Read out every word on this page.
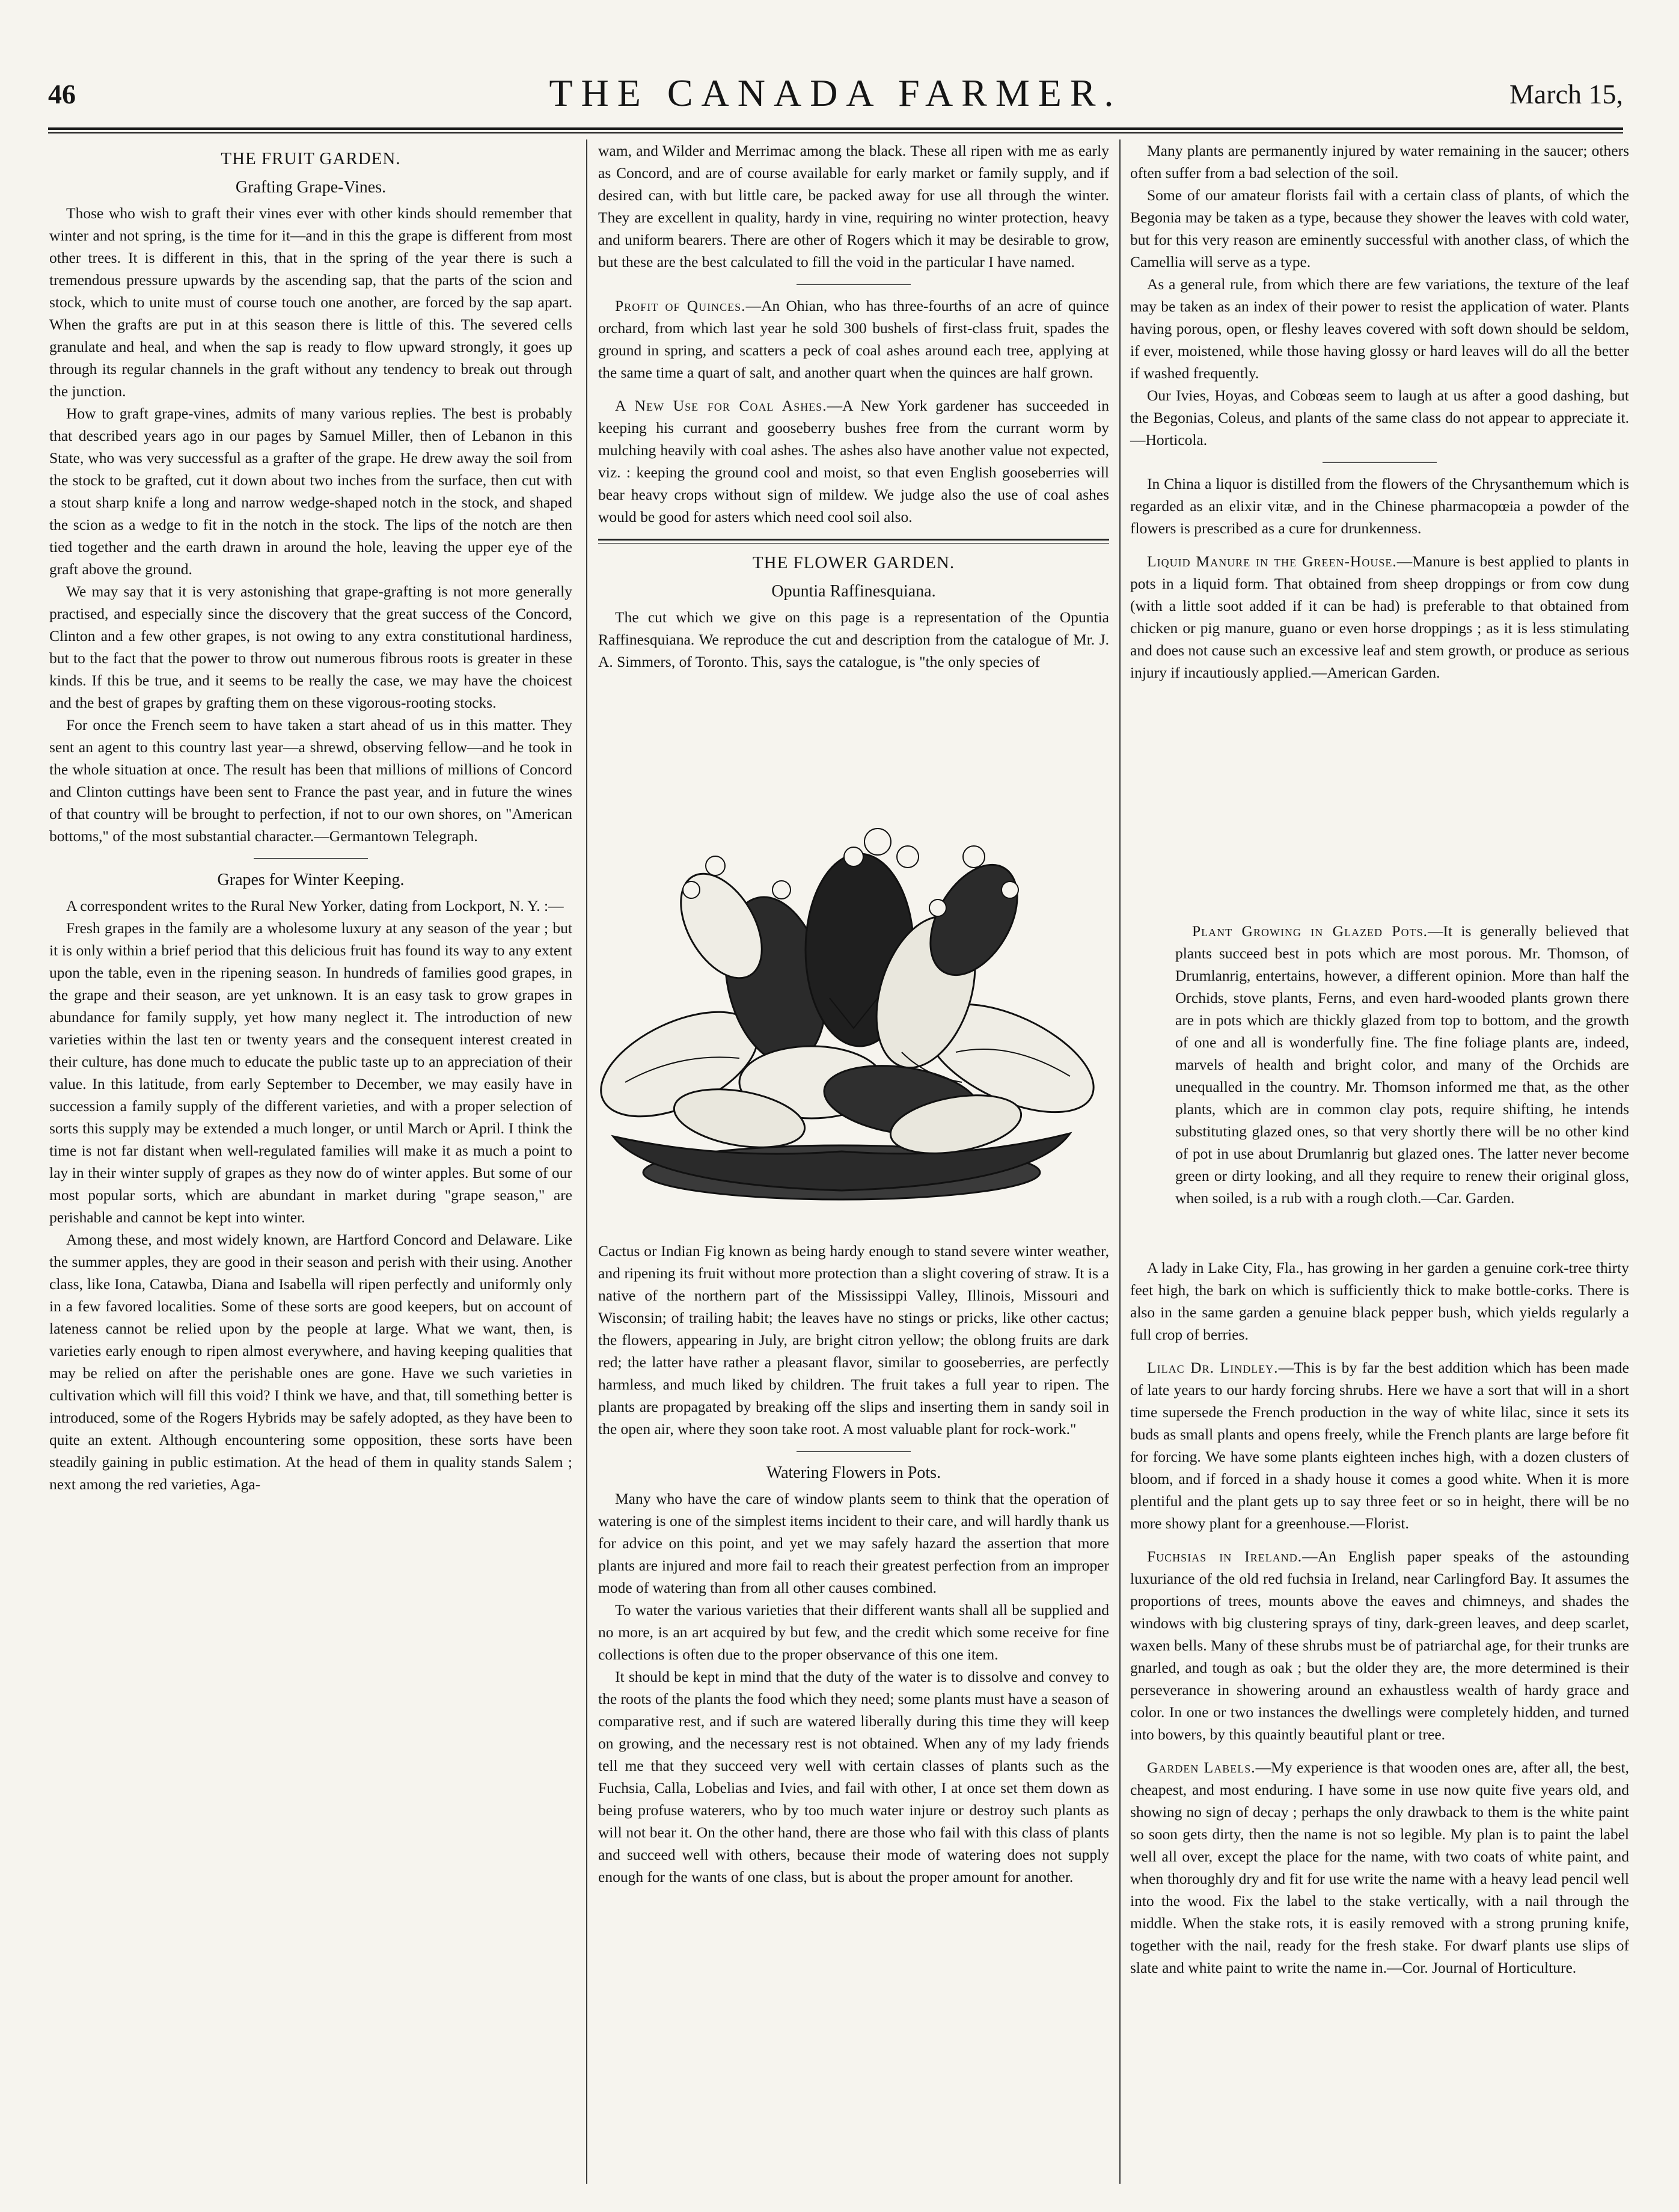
46	THE CANADA FARMER.	March 15,
THE FRUIT GARDEN.
Grafting Grape-Vines.

Those who wish to graft their vines ever with other kinds should remember that winter and not spring, is the time for it—and in this the grape is different from most other trees. It is different in this, that in the spring of the year there is such a tremendous pressure upwards by the ascending sap, that the parts of the scion and stock, which to unite must of course touch one another, are forced by the sap apart. When the grafts are put in at this season there is little of this. The severed cells granulate and heal, and when the sap is ready to flow upward strongly, it goes up through its regular channels in the graft without any tendency to break out through the junction.

How to graft grape-vines, admits of many various replies. The best is probably that described years ago in our pages by Samuel Miller, then of Lebanon in this State, who was very successful as a grafter of the grape. He drew away the soil from the stock to be grafted, cut it down about two inches from the surface, then cut with a stout sharp knife a long and narrow wedge-shaped notch in the stock, and shaped the scion as a wedge to fit in the notch in the stock. The lips of the notch are then tied together and the earth drawn in around the hole, leaving the upper eye of the graft above the ground.

We may say that it is very astonishing that grape-grafting is not more generally practised, and especially since the discovery that the great success of the Concord, Clinton and a few other grapes, is not owing to any extra constitutional hardiness, but to the fact that the power to throw out numerous fibrous roots is greater in these kinds. If this be true, and it seems to be really the case, we may have the choicest and the best of grapes by grafting them on these vigorous-rooting stocks.

For once the French seem to have taken a start ahead of us in this matter. They sent an agent to this country last year—a shrewd, observing fellow—and he took in the whole situation at once. The result has been that millions of millions of Concord and Clinton cuttings have been sent to France the past year, and in future the wines of that country will be brought to perfection, if not to our own shores, on "American bottoms," of the most substantial character.—Germantown Telegraph.

Grapes for Winter Keeping.

A correspondent writes to the Rural New Yorker, dating from Lockport, N. Y. :—

Fresh grapes in the family are a wholesome luxury at any season of the year ; but it is only within a brief period that this delicious fruit has found its way to any extent upon the table, even in the ripening season. In hundreds of families good grapes, in the grape and their season, are yet unknown. It is an easy task to grow grapes in abundance for family supply, yet how many neglect it. The introduction of new varieties within the last ten or twenty years and the consequent interest created in their culture, has done much to educate the public taste up to an appreciation of their value. In this latitude, from early September to December, we may easily have in succession a family supply of the different varieties, and with a proper selection of sorts this supply may be extended a much longer, or until March or April. I think the time is not far distant when well-regulated families will make it as much a point to lay in their winter supply of grapes as they now do of winter apples. But some of our most popular sorts, which are abundant in market during "grape season," are perishable and cannot be kept into winter.

Among these, and most widely known, are Hartford Concord and Delaware. Like the summer apples, they are good in their season and perish with their using. Another class, like Iona, Catawba, Diana and Isabella will ripen perfectly and uniformly only in a few favored localities. Some of these sorts are good keepers, but on account of lateness cannot be relied upon by the people at large. What we want, then, is varieties early enough to ripen almost everywhere, and having keeping qualities that may be relied on after the perishable ones are gone. Have we such varieties in cultivation which will fill this void? I think we have, and that, till something better is introduced, some of the Rogers Hybrids may be safely adopted, as they have been to quite an extent. Although encountering some opposition, these sorts have been steadily gaining in public estimation. At the head of them in quality stands Salem ; next among the red varieties, Aga-

wam, and Wilder and Merrimac among the black. These all ripen with me as early as Concord, and are of course available for early market or family supply, and if desired can, with but little care, be packed away for use all through the winter. They are excellent in quality, hardy in vine, requiring no winter protection, heavy and uniform bearers. There are other of Rogers which it may be desirable to grow, but these are the best calculated to fill the void in the particular I have named.

Profit of Quinces.—An Ohian, who has three-fourths of an acre of quince orchard, from which last year he sold 300 bushels of first-class fruit, spades the ground in spring, and scatters a peck of coal ashes around each tree, applying at the same time a quart of salt, and another quart when the quinces are half grown.

A New Use for Coal Ashes.—A New York gardener has succeeded in keeping his currant and gooseberry bushes free from the currant worm by mulching heavily with coal ashes. The ashes also have another value not expected, viz. : keeping the ground cool and moist, so that even English gooseberries will bear heavy crops without sign of mildew. We judge also the use of coal ashes would be good for asters which need cool soil also.

THE FLOWER GARDEN.
Opuntia Raffinesquiana.

The cut which we give on this page is a representation of the Opuntia Raffinesquiana. We reproduce the cut and description from the catalogue of Mr. J. A. Simmers, of Toronto. This, says the catalogue, is "the only species of

Cactus or Indian Fig known as being hardy enough to stand severe winter weather, and ripening its fruit without more protection than a slight covering of straw. It is a native of the northern part of the Mississippi Valley, Illinois, Missouri and Wisconsin; of trailing habit; the leaves have no stings or pricks, like other cactus; the flowers, appearing in July, are bright citron yellow; the oblong fruits are dark red; the latter have rather a pleasant flavor, similar to gooseberries, are perfectly harmless, and much liked by children. The fruit takes a full year to ripen. The plants are propagated by breaking off the slips and inserting them in sandy soil in the open air, where they soon take root. A most valuable plant for rock-work."

Watering Flowers in Pots.

Many who have the care of window plants seem to think that the operation of watering is one of the simplest items incident to their care, and will hardly thank us for advice on this point, and yet we may safely hazard the assertion that more plants are injured and more fail to reach their greatest perfection from an improper mode of watering than from all other causes combined.

To water the various varieties that their different wants shall all be supplied and no more, is an art acquired by but few, and the credit which some receive for fine collections is often due to the proper observance of this one item.

It should be kept in mind that the duty of the water is to dissolve and convey to the roots of the plants the food which they need; some plants must have a season of comparative rest, and if such are watered liberally during this time they will keep on growing, and the necessary rest is not obtained. When any of my lady friends tell me that they succeed very well with certain classes of plants such as the Fuchsia, Calla, Lobelias and Ivies, and fail with other, I at once set them down as being profuse waterers, who by too much water injure or destroy such plants as will not bear it. On the other hand, there are those who fail with this class of plants and succeed well with others, because their mode of watering does not supply enough for the wants of one class, but is about the proper amount for another.

Many plants are permanently injured by water remaining in the saucer; others often suffer from a bad selection of the soil.

Some of our amateur florists fail with a certain class of plants, of which the Begonia may be taken as a type, because they shower the leaves with cold water, but for this very reason are eminently successful with another class, of which the Camellia will serve as a type.

As a general rule, from which there are few variations, the texture of the leaf may be taken as an index of their power to resist the application of water. Plants having porous, open, or fleshy leaves covered with soft down should be seldom, if ever, moistened, while those having glossy or hard leaves will do all the better if washed frequently.

Our Ivies, Hoyas, and Cobœas seem to laugh at us after a good dashing, but the Begonias, Coleus, and plants of the same class do not appear to appreciate it.—Horticola.

In China a liquor is distilled from the flowers of the Chrysanthemum which is regarded as an elixir vitæ, and in the Chinese pharmacopœia a powder of the flowers is prescribed as a cure for drunkenness.

Liquid Manure in the Green-House.—Manure is best applied to plants in pots in a liquid form. That obtained from sheep droppings or from cow dung (with a little soot added if it can be had) is preferable to that obtained from chicken or pig manure, guano or even horse droppings ; as it is less stimulating and does not cause such an excessive leaf and stem growth, or produce as serious injury if incautiously applied.—American Garden.

Plant Growing in Glazed Pots.—It is generally believed that plants succeed best in pots which are most porous. Mr. Thomson, of Drumlanrig, entertains, however, a different opinion. More than half the Orchids, stove plants, Ferns, and even hard-wooded plants grown there are in pots which are thickly glazed from top to bottom, and the growth of one and all is wonderfully fine. The fine foliage plants are, indeed, marvels of health and bright color, and many of the Orchids are unequalled in the country. Mr. Thomson informed me that, as the other plants, which are in common clay pots, require shifting, he intends substituting glazed ones, so that very shortly there will be no other kind of pot in use about Drumlanrig but glazed ones. The latter never become green or dirty looking, and all they require to renew their original gloss, when soiled, is a rub with a rough cloth.—Car. Garden.

A lady in Lake City, Fla., has growing in her garden a genuine cork-tree thirty feet high, the bark on which is sufficiently thick to make bottle-corks. There is also in the same garden a genuine black pepper bush, which yields regularly a full crop of berries.

Lilac Dr. Lindley.—This is by far the best addition which has been made of late years to our hardy forcing shrubs. Here we have a sort that will in a short time supersede the French production in the way of white lilac, since it sets its buds as small plants and opens freely, while the French plants are large before fit for forcing. We have some plants eighteen inches high, with a dozen clusters of bloom, and if forced in a shady house it comes a good white. When it is more plentiful and the plant gets up to say three feet or so in height, there will be no more showy plant for a greenhouse.—Florist.

Fuchsias in Ireland.—An English paper speaks of the astounding luxuriance of the old red fuchsia in Ireland, near Carlingford Bay. It assumes the proportions of trees, mounts above the eaves and chimneys, and shades the windows with big clustering sprays of tiny, dark-green leaves, and deep scarlet, waxen bells. Many of these shrubs must be of patriarchal age, for their trunks are gnarled, and tough as oak ; but the older they are, the more determined is their perseverance in showering around an exhaustless wealth of hardy grace and color. In one or two instances the dwellings were completely hidden, and turned into bowers, by this quaintly beautiful plant or tree.

Garden Labels.—My experience is that wooden ones are, after all, the best, cheapest, and most enduring. I have some in use now quite five years old, and showing no sign of decay ; perhaps the only drawback to them is the white paint so soon gets dirty, then the name is not so legible. My plan is to paint the label well all over, except the place for the name, with two coats of white paint, and when thoroughly dry and fit for use write the name with a heavy lead pencil well into the wood. Fix the label to the stake vertically, with a nail through the middle. When the stake rots, it is easily removed with a strong pruning knife, together with the nail, ready for the fresh stake. For dwarf plants use slips of slate and white paint to write the name in.—Cor. Journal of Horticulture.
